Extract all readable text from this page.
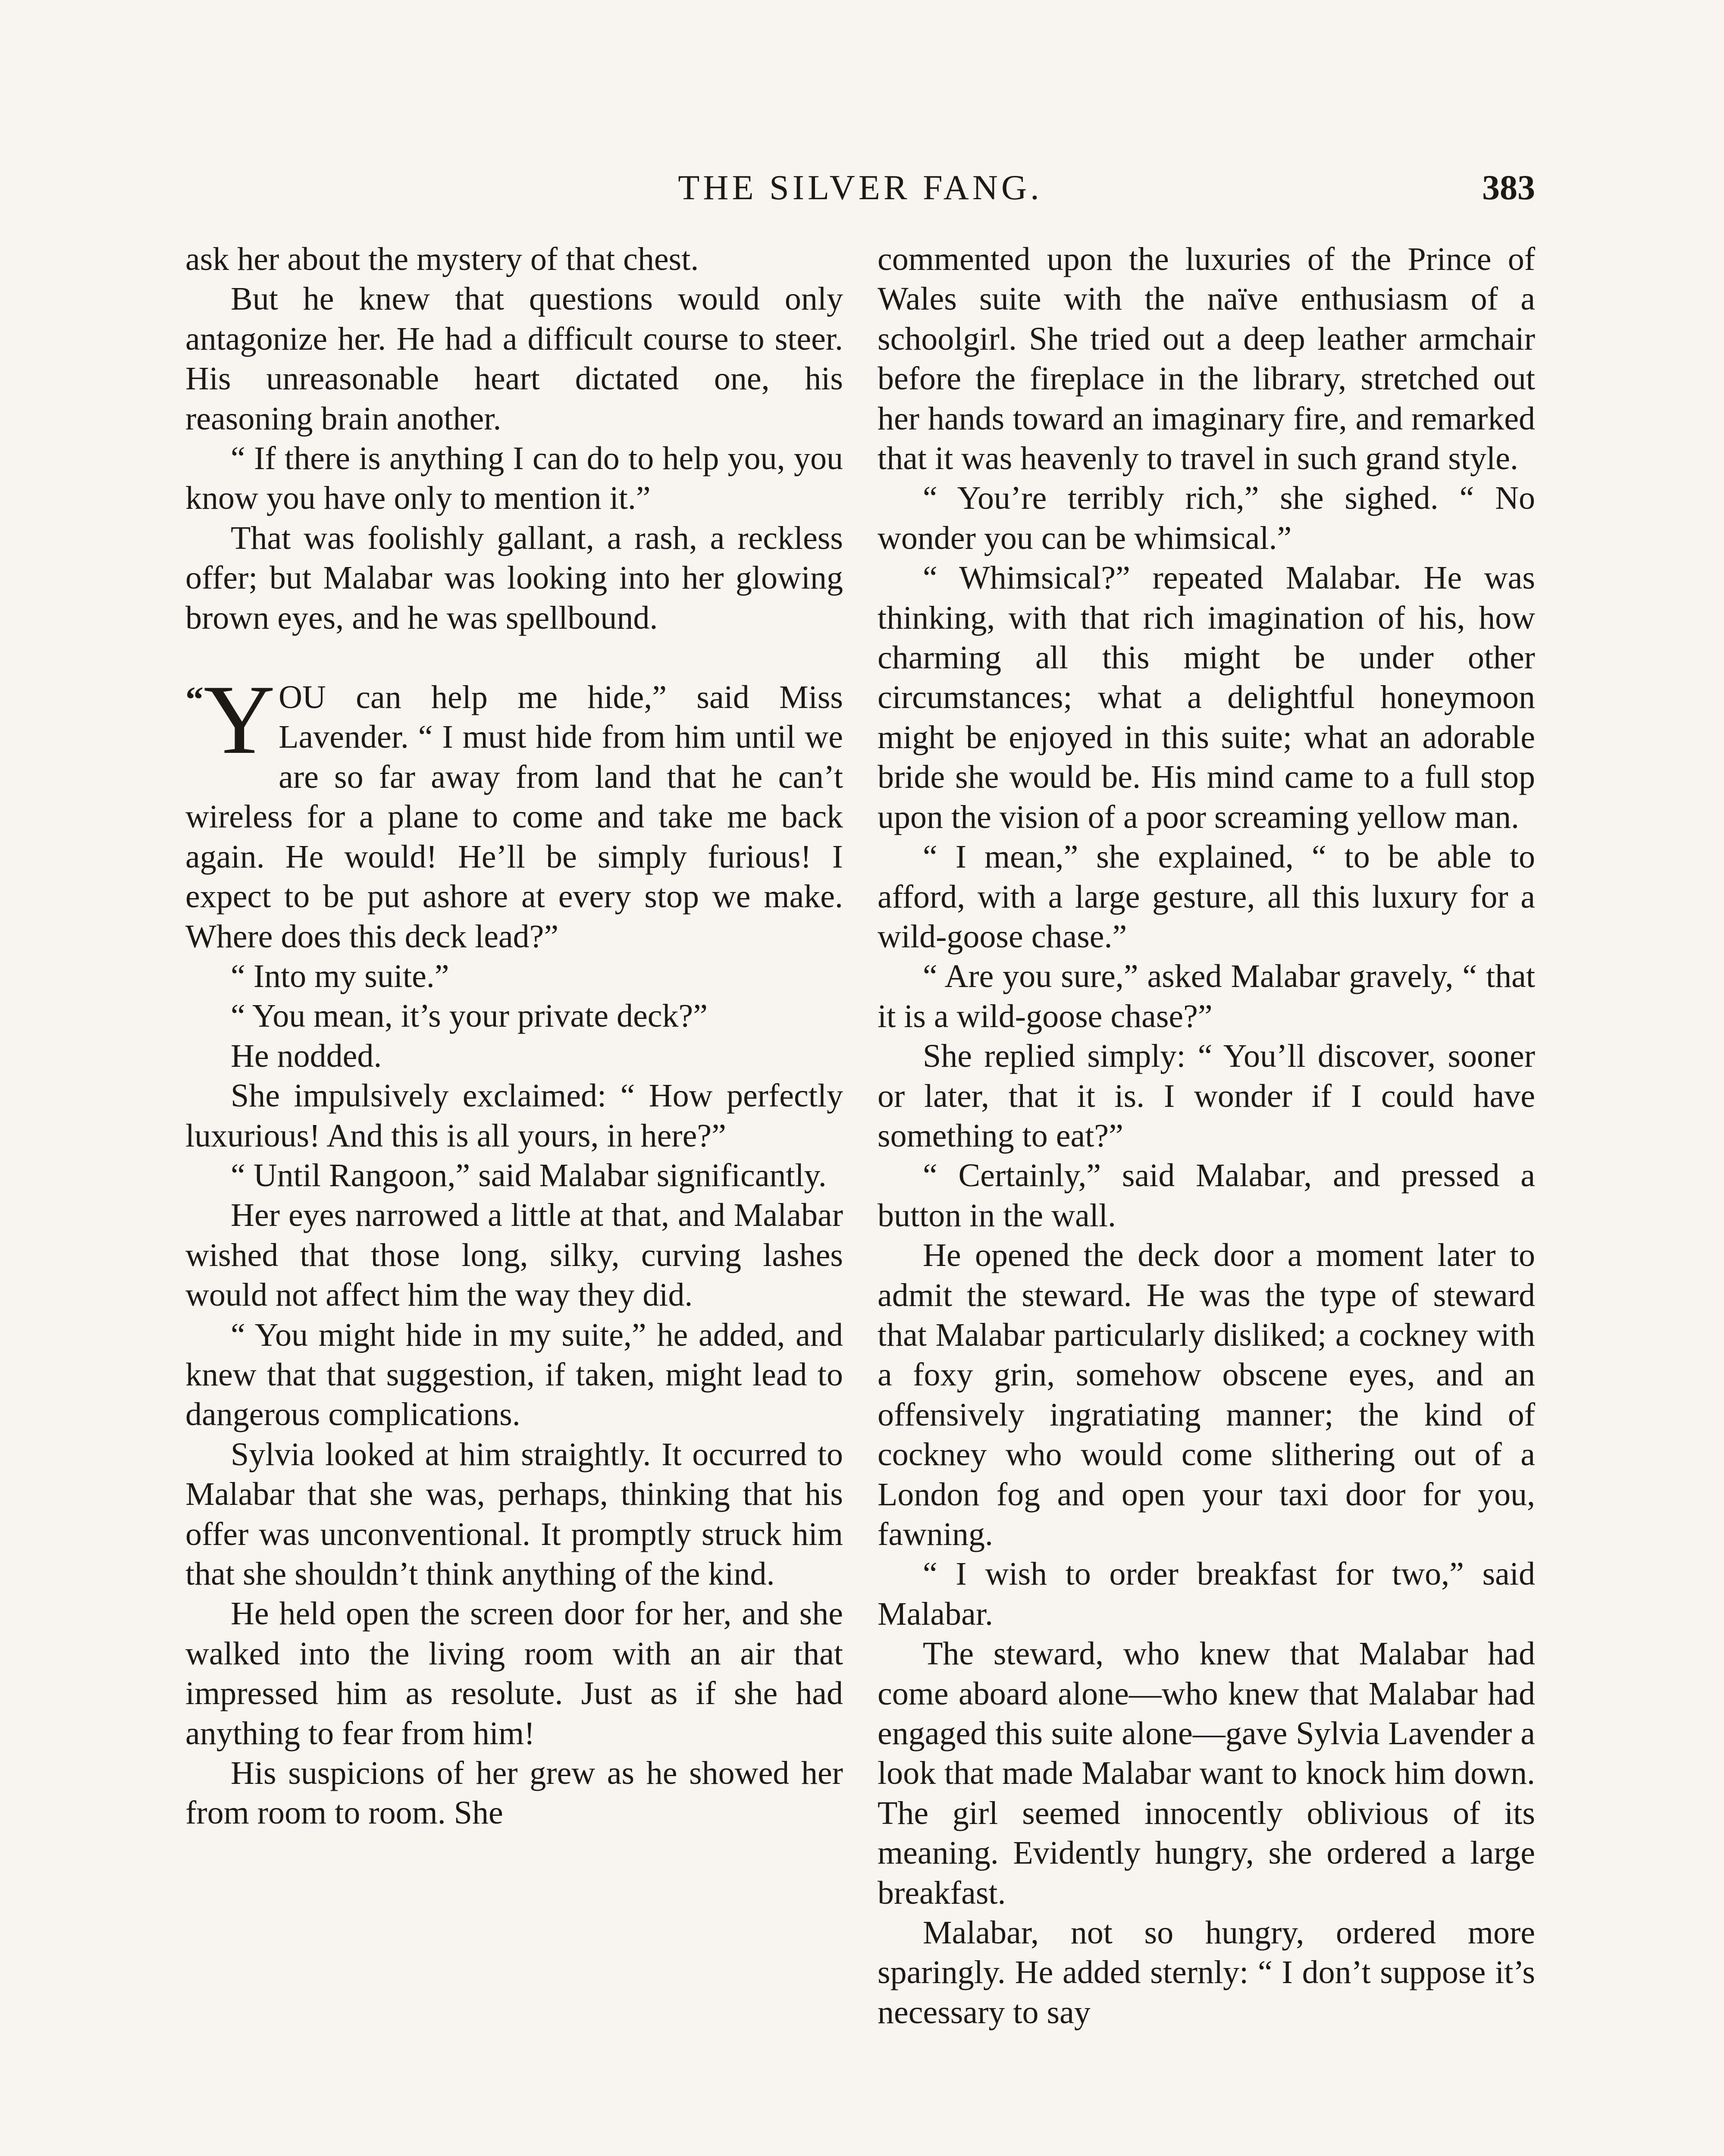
THE SILVER FANG.	383

ask her about the mystery of that chest.

But he knew that questions would only antagonize her. He had a difficult course to steer. His unreasonable heart dictated one, his reasoning brain another.

“ If there is anything I can do to help you, you know you have only to mention it.”

That was foolishly gallant, a rash, a reckless offer; but Malabar was looking into her glowing brown eyes, and he was spellbound.

“Y OU can help me hide,” said Miss Lavender. “ I must hide from him until we are so far away from land that he can’t wireless for a plane to come and take me back again. He would! He’ll be simply furious! I expect to be put ashore at every stop we make. Where does this deck lead?”

“ Into my suite.”

“ You mean, it’s your private deck?”

He nodded.

She impulsively exclaimed: “ How perfectly luxurious! And this is all yours, in here?”

“ Until Rangoon,” said Malabar significantly.

Her eyes narrowed a little at that, and Malabar wished that those long, silky, curving lashes would not affect him the way they did.

“ You might hide in my suite,” he added, and knew that that suggestion, if taken, might lead to dangerous complications.

Sylvia looked at him straightly. It occurred to Malabar that she was, perhaps, thinking that his offer was unconventional. It promptly struck him that she shouldn’t think anything of the kind.

He held open the screen door for her, and she walked into the living room with an air that impressed him as resolute. Just as if she had anything to fear from him!

His suspicions of her grew as he showed her from room to room. She

commented upon the luxuries of the Prince of Wales suite with the naïve enthusiasm of a schoolgirl. She tried out a deep leather armchair before the fireplace in the library, stretched out her hands toward an imaginary fire, and remarked that it was heavenly to travel in such grand style.

“ You’re terribly rich,” she sighed. “ No wonder you can be whimsical.”

“ Whimsical?” repeated Malabar. He was thinking, with that rich imagination of his, how charming all this might be under other circumstances; what a delightful honeymoon might be enjoyed in this suite; what an adorable bride she would be. His mind came to a full stop upon the vision of a poor screaming yellow man.

“ I mean,” she explained, “ to be able to afford, with a large gesture, all this luxury for a wild-goose chase.”

“ Are you sure,” asked Malabar gravely, “ that it is a wild-goose chase?”

She replied simply: “ You’ll discover, sooner or later, that it is. I wonder if I could have something to eat?”

“ Certainly,” said Malabar, and pressed a button in the wall.

He opened the deck door a moment later to admit the steward. He was the type of steward that Malabar particularly disliked; a cockney with a foxy grin, somehow obscene eyes, and an offensively ingratiating manner; the kind of cockney who would come slithering out of a London fog and open your taxi door for you, fawning.

“ I wish to order breakfast for two,” said Malabar.

The steward, who knew that Malabar had come aboard alone—who knew that Malabar had engaged this suite alone—gave Sylvia Lavender a look that made Malabar want to knock him down. The girl seemed innocently oblivious of its meaning. Evidently hungry, she ordered a large breakfast.

Malabar, not so hungry, ordered more sparingly. He added sternly: “ I don’t suppose it’s necessary to say
